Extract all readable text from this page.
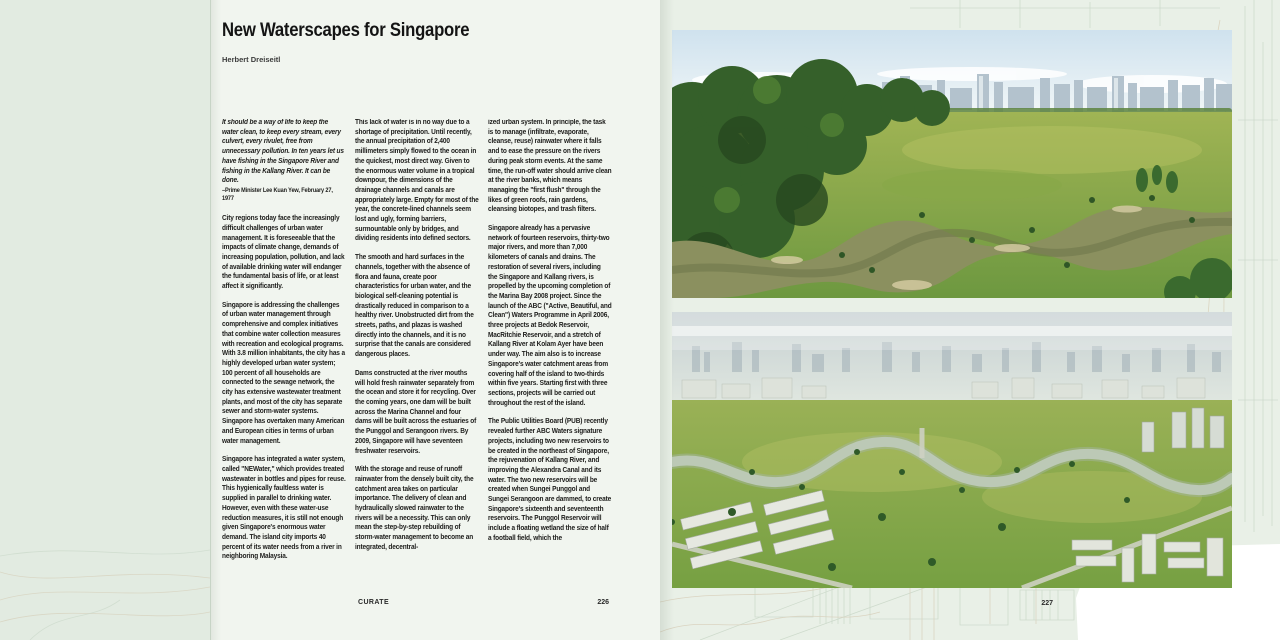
New Waterscapes for Singapore
Herbert Dreiseitl

It should be a way of life to keep the water clean, to keep every stream, every culvert, every rivulet, free from unnecessary pollution. In ten years let us have fishing in the Singapore River and fishing in the Kallang River. It can be done.

–Prime Minister Lee Kuan Yew, February 27, 1977

City regions today face the increasingly difficult challenges of urban water management. It is foreseeable that the impacts of climate change, demands of increasing population, pollution, and lack of available drinking water will endanger the fundamental basis of life, or at least affect it significantly.

Singapore is addressing the challenges of urban water management through comprehensive and complex initiatives that combine water collection measures with recreation and ecological programs. With 3.8 million inhabitants, the city has a highly developed urban water system; 100 percent of all households are connected to the sewage network, the city has extensive wastewater treatment plants, and most of the city has separate sewer and storm-water systems. Singapore has overtaken many American and European cities in terms of urban water management.

Singapore has integrated a water system, called "NEWater," which provides treated wastewater in bottles and pipes for reuse. This hygienically faultless water is supplied in parallel to drinking water. However, even with these water-use reduction measures, it is still not enough given Singapore's enormous water demand. The island city imports 40 percent of its water needs from a river in neighboring Malaysia.

This lack of water is in no way due to a shortage of precipitation. Until recently, the annual precipitation of 2,400 millimeters simply flowed to the ocean in the quickest, most direct way. Given to the enormous water volume in a tropical downpour, the dimensions of the drainage channels and canals are appropriately large. Empty for most of the year, the concrete-lined channels seem lost and ugly, forming barriers, surmountable only by bridges, and dividing residents into defined sectors.

The smooth and hard surfaces in the channels, together with the absence of flora and fauna, create poor characteristics for urban water, and the biological self-cleaning potential is drastically reduced in comparison to a healthy river. Unobstructed dirt from the streets, paths, and plazas is washed directly into the channels, and it is no surprise that the canals are considered dangerous places.

Dams constructed at the river mouths will hold fresh rainwater separately from the ocean and store it for recycling. Over the coming years, one dam will be built across the Marina Channel and four dams will be built across the estuaries of the Punggol and Serangoon rivers. By 2009, Singapore will have seventeen freshwater reservoirs.

With the storage and reuse of runoff rainwater from the densely built city, the catchment area takes on particular importance. The delivery of clean and hydraulically slowed rainwater to the rivers will be a necessity. This can only mean the step-by-step rebuilding of storm-water management to become an integrated, decentral-

ized urban system. In principle, the task is to manage (infiltrate, evaporate, cleanse, reuse) rainwater where it falls and to ease the pressure on the rivers during peak storm events. At the same time, the run-off water should arrive clean at the river banks, which means managing the "first flush" through the likes of green roofs, rain gardens, cleansing biotopes, and trash filters.

Singapore already has a pervasive network of fourteen reservoirs, thirty-two major rivers, and more than 7,000 kilometers of canals and drains. The restoration of several rivers, including the Singapore and Kallang rivers, is propelled by the upcoming completion of the Marina Bay 2008 project. Since the launch of the ABC ("Active, Beautiful, and Clean") Waters Programme in April 2006, three projects at Bedok Reservoir, MacRitchie Reservoir, and a stretch of Kallang River at Kolam Ayer have been under way. The aim also is to increase Singapore's water catchment areas from covering half of the island to two-thirds within five years. Starting first with three sections, projects will be carried out throughout the rest of the island.

The Public Utilities Board (PUB) recently revealed further ABC Waters signature projects, including two new reservoirs to be created in the northeast of Singapore, the rejuvenation of Kallang River, and improving the Alexandra Canal and its water. The two new reservoirs will be created when Sungei Punggol and Sungei Serangoon are dammed, to create Singapore's sixteenth and seventeenth reservoirs. The Punggol Reservoir will include a floating wetland the size of half a football field, which the

CURATE	226	227
